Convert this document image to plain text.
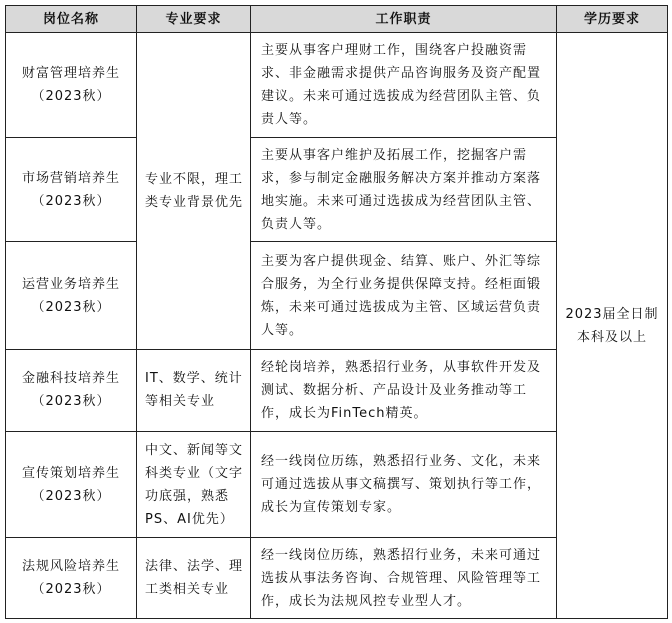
岗位名称	专业要求	工作职责	学历要求

财富管理培养生
（2023秋）	专业不限，理工类专业背景优先	主要从事客户理财工作，围绕客户投融资需求、非金融需求提供产品咨询服务及资产配置建议。未来可通过选拔成为经营团队主管、负责人等。	2023届全日制本科及以上

市场营销培养生
（2023秋）		主要从事客户维护及拓展工作，挖掘客户需求，参与制定金融服务解决方案并推动方案落地实施。未来可通过选拔成为经营团队主管、负责人等。	

运营业务培养生
（2023秋）		主要为客户提供现金、结算、账户、外汇等综合服务，为全行业务提供保障支持。经柜面锻炼，未来可通过选拔成为主管、区域运营负责人等。	

金融科技培养生
（2023秋）	IT、数学、统计等相关专业	经轮岗培养，熟悉招行业务，从事软件开发及测试、数据分析、产品设计及业务推动等工作，成长为FinTech精英。	

宣传策划培养生
（2023秋）	中文、新闻等文科类专业（文字功底强，熟悉PS、AI优先）	经一线岗位历练，熟悉招行业务、文化，未来可通过选拔从事文稿撰写、策划执行等工作，成长为宣传策划专家。	

法规风险培养生
（2023秋）	法律、法学、理工类相关专业	经一线岗位历练，熟悉招行业务，未来可通过选拔从事法务咨询、合规管理、风险管理等工作，成长为法规风控专业型人才。	
